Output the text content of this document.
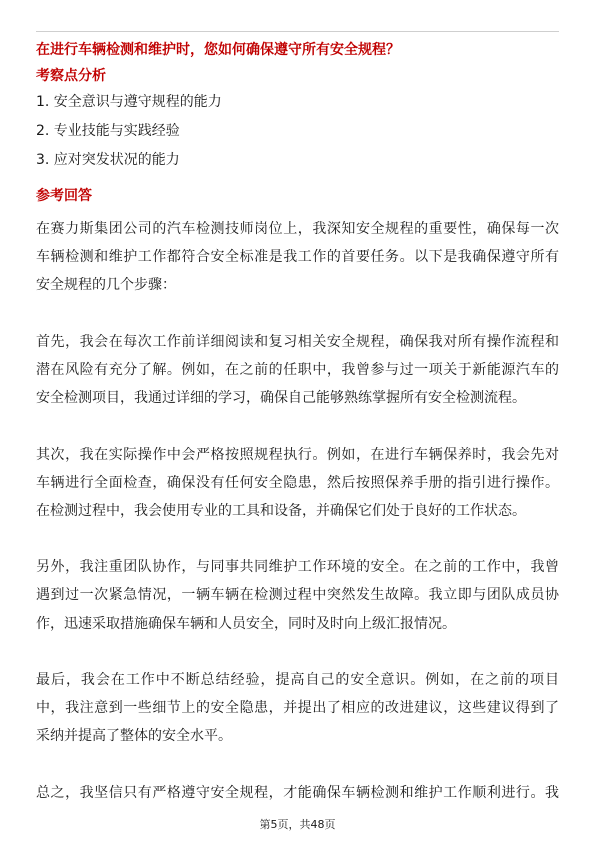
在进行车辆检测和维护时，您如何确保遵守所有安全规程？
考察点分析
1. 安全意识与遵守规程的能力
2. 专业技能与实践经验
3. 应对突发状况的能力
参考回答
在赛力斯集团公司的汽车检测技师岗位上，我深知安全规程的重要性，确保每一次
车辆检测和维护工作都符合安全标准是我工作的首要任务。以下是我确保遵守所有
安全规程的几个步骤：
首先，我会在每次工作前详细阅读和复习相关安全规程，确保我对所有操作流程和
潜在风险有充分了解。例如，在之前的任职中，我曾参与过一项关于新能源汽车的
安全检测项目，我通过详细的学习，确保自己能够熟练掌握所有安全检测流程。
其次，我在实际操作中会严格按照规程执行。例如，在进行车辆保养时，我会先对
车辆进行全面检查，确保没有任何安全隐患，然后按照保养手册的指引进行操作。
在检测过程中，我会使用专业的工具和设备，并确保它们处于良好的工作状态。
另外，我注重团队协作，与同事共同维护工作环境的安全。在之前的工作中，我曾
遇到过一次紧急情况，一辆车辆在检测过程中突然发生故障。我立即与团队成员协
作，迅速采取措施确保车辆和人员安全，同时及时向上级汇报情况。
最后，我会在工作中不断总结经验，提高自己的安全意识。例如，在之前的项目
中，我注意到一些细节上的安全隐患，并提出了相应的改进建议，这些建议得到了
采纳并提高了整体的安全水平。
总之，我坚信只有严格遵守安全规程，才能确保车辆检测和维护工作顺利进行。我
第5页，共48页
